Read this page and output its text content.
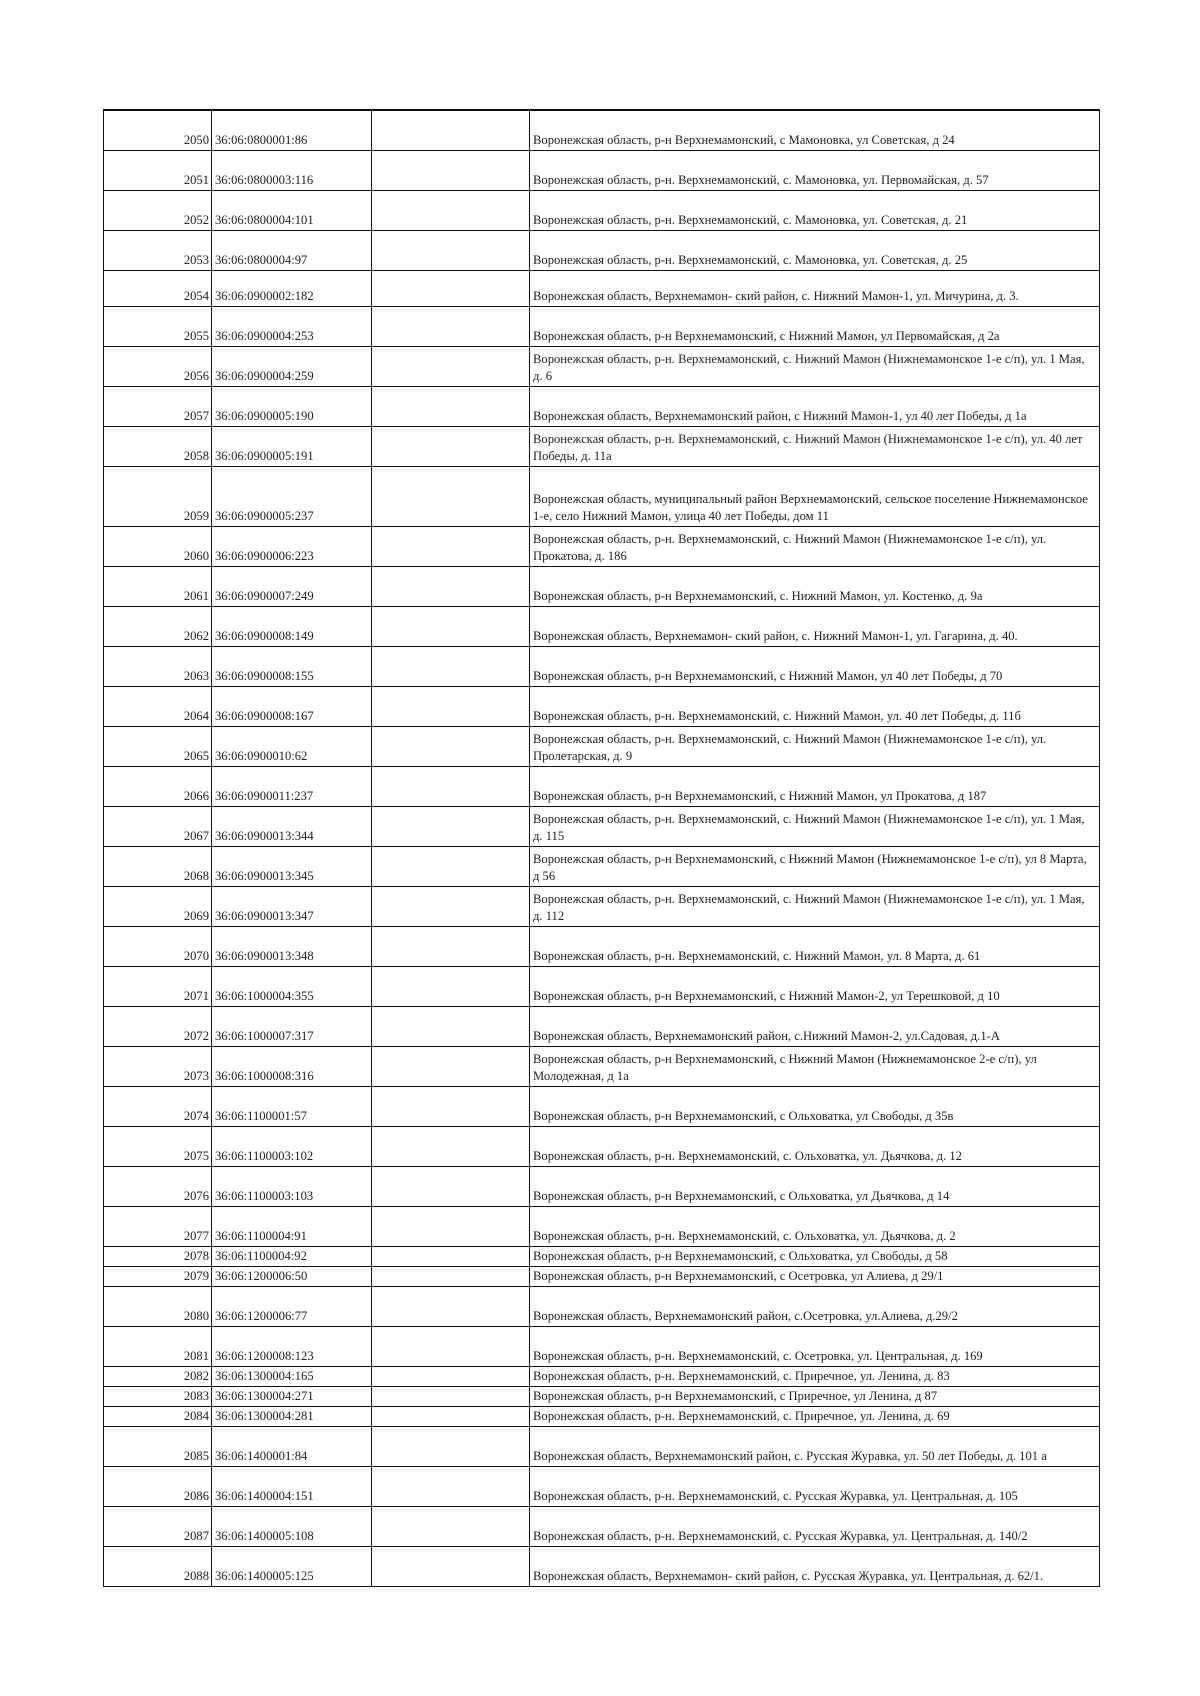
2050	36:06:0800001:86		Воронежская область, р-н Верхнемамонский, с Мамоновка, ул Советская, д 24
2051	36:06:0800003:116		Воронежская область, р-н. Верхнемамонский, с. Мамоновка, ул. Первомайская, д. 57
2052	36:06:0800004:101		Воронежская область, р-н. Верхнемамонский, с. Мамоновка, ул. Советская, д. 21
2053	36:06:0800004:97		Воронежская область, р-н. Верхнемамонский, с. Мамоновка, ул. Советская, д. 25
2054	36:06:0900002:182		Воронежская область, Верхнемамон- ский район, с. Нижний Мамон-1, ул. Мичурина, д. 3.
2055	36:06:0900004:253		Воронежская область, р-н Верхнемамонский, с Нижний Мамон, ул Первомайская, д 2а
2056	36:06:0900004:259		Воронежская область, р-н. Верхнемамонский, с. Нижний Мамон (Нижнемамонское 1-е с/п), ул. 1 Мая, д. 6
2057	36:06:0900005:190		Воронежская область, Верхнемамонский район, с Нижний Мамон-1, ул 40 лет Победы, д 1а
2058	36:06:0900005:191		Воронежская область, р-н. Верхнемамонский, с. Нижний Мамон (Нижнемамонское 1-е с/п), ул. 40 лет Победы, д. 11а
2059	36:06:0900005:237		Воронежская область, муниципальный район Верхнемамонский, сельское поселение Нижнемамонское 1-е, село Нижний Мамон, улица 40 лет Победы, дом 11
2060	36:06:0900006:223		Воронежская область, р-н. Верхнемамонский, с. Нижний Мамон (Нижнемамонское 1-е с/п), ул. Прокатова, д. 186
2061	36:06:0900007:249		Воронежская область, р-н Верхнемамонский, с. Нижний Мамон, ул. Костенко, д. 9а
2062	36:06:0900008:149		Воронежская область, Верхнемамон- ский район, с. Нижний Мамон-1, ул. Гагарина, д. 40.
2063	36:06:0900008:155		Воронежская область, р-н Верхнемамонский, с Нижний Мамон, ул 40 лет Победы, д 70
2064	36:06:0900008:167		Воронежская область, р-н. Верхнемамонский, с. Нижний Мамон, ул. 40 лет Победы, д. 11б
2065	36:06:0900010:62		Воронежская область, р-н. Верхнемамонский, с. Нижний Мамон (Нижнемамонское 1-е с/п), ул. Пролетарская, д. 9
2066	36:06:0900011:237		Воронежская область, р-н Верхнемамонский, с Нижний Мамон, ул Прокатова, д 187
2067	36:06:0900013:344		Воронежская область, р-н. Верхнемамонский, с. Нижний Мамон (Нижнемамонское 1-е с/п), ул. 1 Мая, д. 115
2068	36:06:0900013:345		Воронежская область, р-н Верхнемамонский, с Нижний Мамон (Нижнемамонское 1-е с/п), ул 8 Марта, д 56
2069	36:06:0900013:347		Воронежская область, р-н. Верхнемамонский, с. Нижний Мамон (Нижнемамонское 1-е с/п), ул. 1 Мая, д. 112
2070	36:06:0900013:348		Воронежская область, р-н. Верхнемамонский, с. Нижний Мамон, ул. 8 Марта, д. 61
2071	36:06:1000004:355		Воронежская область, р-н Верхнемамонский, с Нижний Мамон-2, ул Терешковой, д 10
2072	36:06:1000007:317		Воронежская область, Верхнемамонский район, с.Нижний Мамон-2, ул.Садовая, д.1-А
2073	36:06:1000008:316		Воронежская область, р-н Верхнемамонский, с Нижний Мамон (Нижнемамонское 2-е с/п), ул Молодежная, д 1а
2074	36:06:1100001:57		Воронежская область, р-н Верхнемамонский, с Ольховатка, ул Свободы, д 35в
2075	36:06:1100003:102		Воронежская область, р-н. Верхнемамонский, с. Ольховатка, ул. Дьячкова, д. 12
2076	36:06:1100003:103		Воронежская область, р-н Верхнемамонский, с Ольховатка, ул Дьячкова, д 14
2077	36:06:1100004:91		Воронежская область, р-н. Верхнемамонский, с. Ольховатка, ул. Дьячкова, д. 2
2078	36:06:1100004:92		Воронежская область, р-н Верхнемамонский, с Ольховатка, ул Свободы, д 58
2079	36:06:1200006:50		Воронежская область, р-н Верхнемамонский, с Осетровка, ул Алиева, д 29/1
2080	36:06:1200006:77		Воронежская область, Верхнемамонский район, с.Осетровка, ул.Алиева, д.29/2
2081	36:06:1200008:123		Воронежская область, р-н. Верхнемамонский, с. Осетровка, ул. Центральная, д. 169
2082	36:06:1300004:165		Воронежская область, р-н. Верхнемамонский, с. Приречное, ул. Ленина, д. 83
2083	36:06:1300004:271		Воронежская область, р-н Верхнемамонский, с Приречное, ул Ленина, д 87
2084	36:06:1300004:281		Воронежская область, р-н. Верхнемамонский, с. Приречное, ул. Ленина, д. 69
2085	36:06:1400001:84		Воронежская область, Верхнемамонский район, с. Русская Журавка, ул. 50 лет Победы, д. 101 а
2086	36:06:1400004:151		Воронежская область, р-н. Верхнемамонский, с. Русская Журавка, ул. Центральная, д. 105
2087	36:06:1400005:108		Воронежская область, р-н. Верхнемамонский, с. Русская Журавка, ул. Центральная, д. 140/2
2088	36:06:1400005:125		Воронежская область, Верхнемамон- ский район, с. Русская Журавка, ул. Центральная, д. 62/1.
